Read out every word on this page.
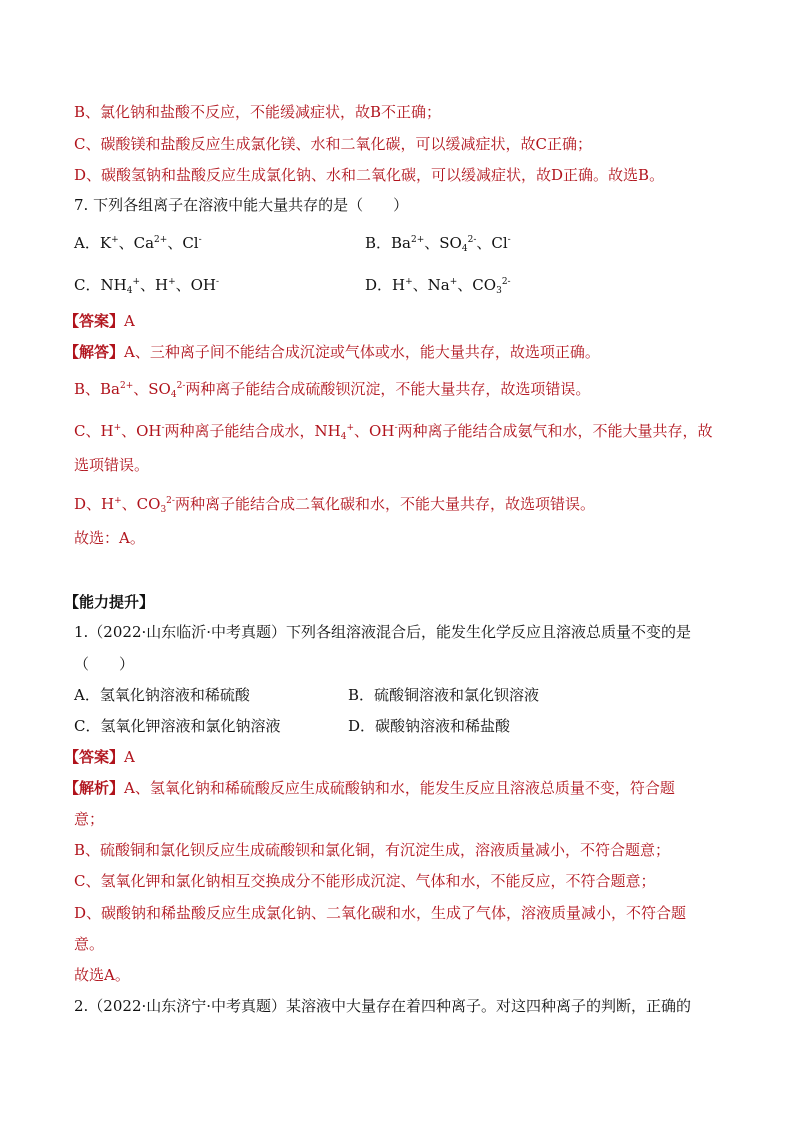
B、氯化钠和盐酸不反应，不能缓减症状，故B不正确；
C、碳酸镁和盐酸反应生成氯化镁、水和二氧化碳，可以缓减症状，故C正确；
D、碳酸氢钠和盐酸反应生成氯化钠、水和二氧化碳，可以缓减症状，故D正确。故选B。
7. 下列各组离子在溶液中能大量共存的是（　　）
A．K+、$Ca^{2+}$、Cl-	B．$Ba^{2+}$、$SO_4^{2-}$、Cl-
C．$NH_4^+$、H+、OH-	D．H+、Na+、$CO_3^{2-}$
【答案】A
【解答】A、三种离子间不能结合成沉淀或气体或水，能大量共存，故选项正确。
B、$Ba^{2+}$、$SO_4^{2-}$两种离子能结合成硫酸钡沉淀，不能大量共存，故选项错误。
C、H+、OH-两种离子能结合成水，$NH_4^+$、OH-两种离子能结合成氨气和水，不能大量共存，故
选项错误。
D、H+、$CO_3^{2-}$两种离子能结合成二氧化碳和水，不能大量共存，故选项错误。
故选：A。
【能力提升】
1.（2022·山东临沂·中考真题）下列各组溶液混合后，能发生化学反应且溶液总质量不变的是
（　　）
A．氢氧化钠溶液和稀硫酸	B．硫酸铜溶液和氯化钡溶液
C．氢氧化钾溶液和氯化钠溶液	D．碳酸钠溶液和稀盐酸
【答案】A
【解析】A、氢氧化钠和稀硫酸反应生成硫酸钠和水，能发生反应且溶液总质量不变，符合题
意；
B、硫酸铜和氯化钡反应生成硫酸钡和氯化铜，有沉淀生成，溶液质量减小，不符合题意；
C、氢氧化钾和氯化钠相互交换成分不能形成沉淀、气体和水，不能反应，不符合题意；
D、碳酸钠和稀盐酸反应生成氯化钠、二氧化碳和水，生成了气体，溶液质量减小，不符合题
意。
故选A。
2.（2022·山东济宁·中考真题）某溶液中大量存在着四种离子。对这四种离子的判断，正确的
